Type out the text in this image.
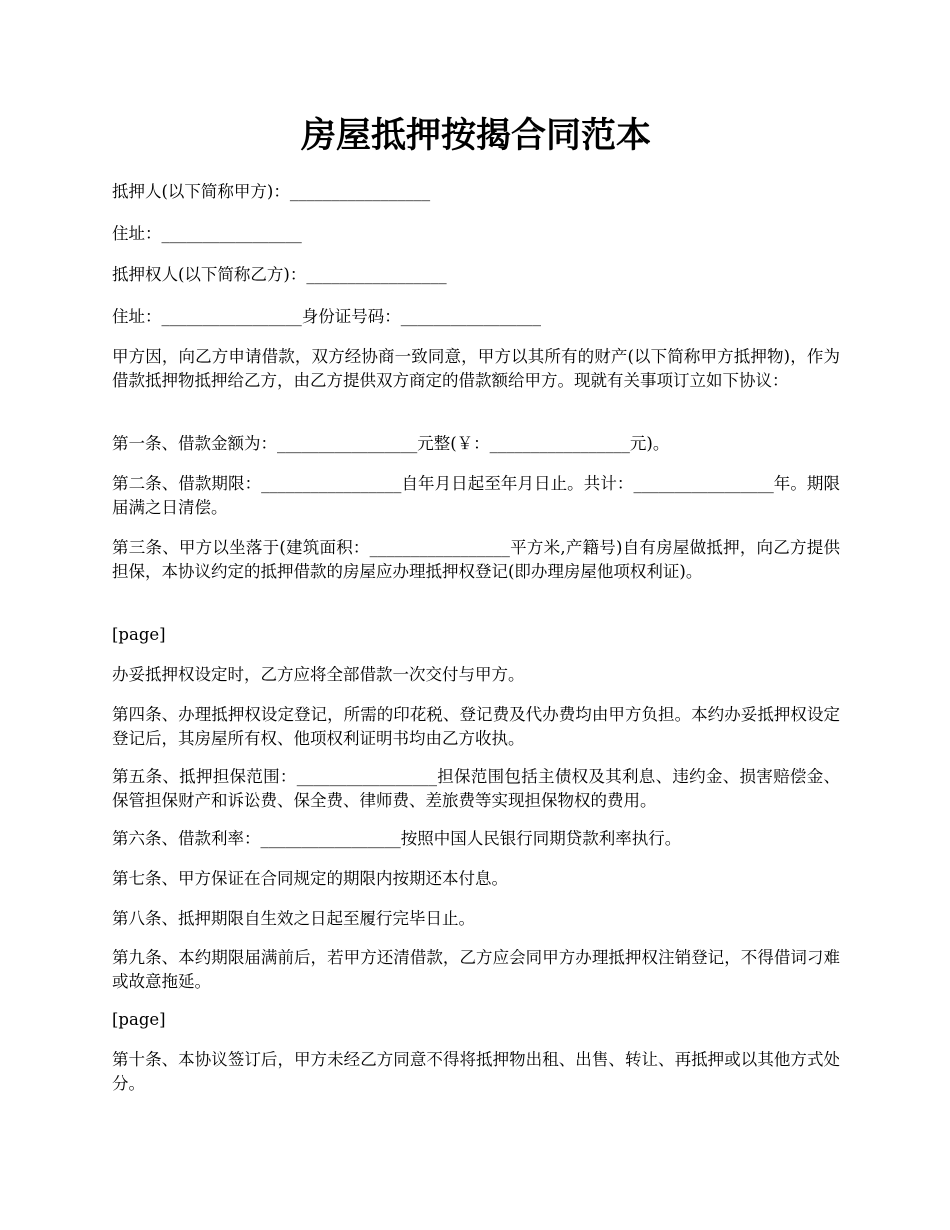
房屋抵押按揭合同范本

抵押人(以下简称甲方)：_________________

住址：_________________

抵押权人(以下简称乙方)：_________________

住址：_________________身份证号码：_________________

甲方因，向乙方申请借款，双方经协商一致同意，甲方以其所有的财产(以下简称甲方抵押物)，作为借款抵押物抵押给乙方，由乙方提供双方商定的借款额给甲方。现就有关事项订立如下协议：

第一条、借款金额为：_________________元整(￥：_________________元)。

第二条、借款期限：_________________自年月日起至年月日止。共计：_________________年。期限届满之日清偿。

第三条、甲方以坐落于(建筑面积：_________________平方米,产籍号)自有房屋做抵押，向乙方提供担保，本协议约定的抵押借款的房屋应办理抵押权登记(即办理房屋他项权利证)。

[page]

办妥抵押权设定时，乙方应将全部借款一次交付与甲方。

第四条、办理抵押权设定登记，所需的印花税、登记费及代办费均由甲方负担。本约办妥抵押权设定登记后，其房屋所有权、他项权利证明书均由乙方收执。

第五条、抵押担保范围：_________________担保范围包括主债权及其利息、违约金、损害赔偿金、保管担保财产和诉讼费、保全费、律师费、差旅费等实现担保物权的费用。

第六条、借款利率：_________________按照中国人民银行同期贷款利率执行。

第七条、甲方保证在合同规定的期限内按期还本付息。

第八条、抵押期限自生效之日起至履行完毕日止。

第九条、本约期限届满前后，若甲方还清借款，乙方应会同甲方办理抵押权注销登记，不得借词刁难或故意拖延。

[page]

第十条、本协议签订后，甲方未经乙方同意不得将抵押物出租、出售、转让、再抵押或以其他方式处分。
